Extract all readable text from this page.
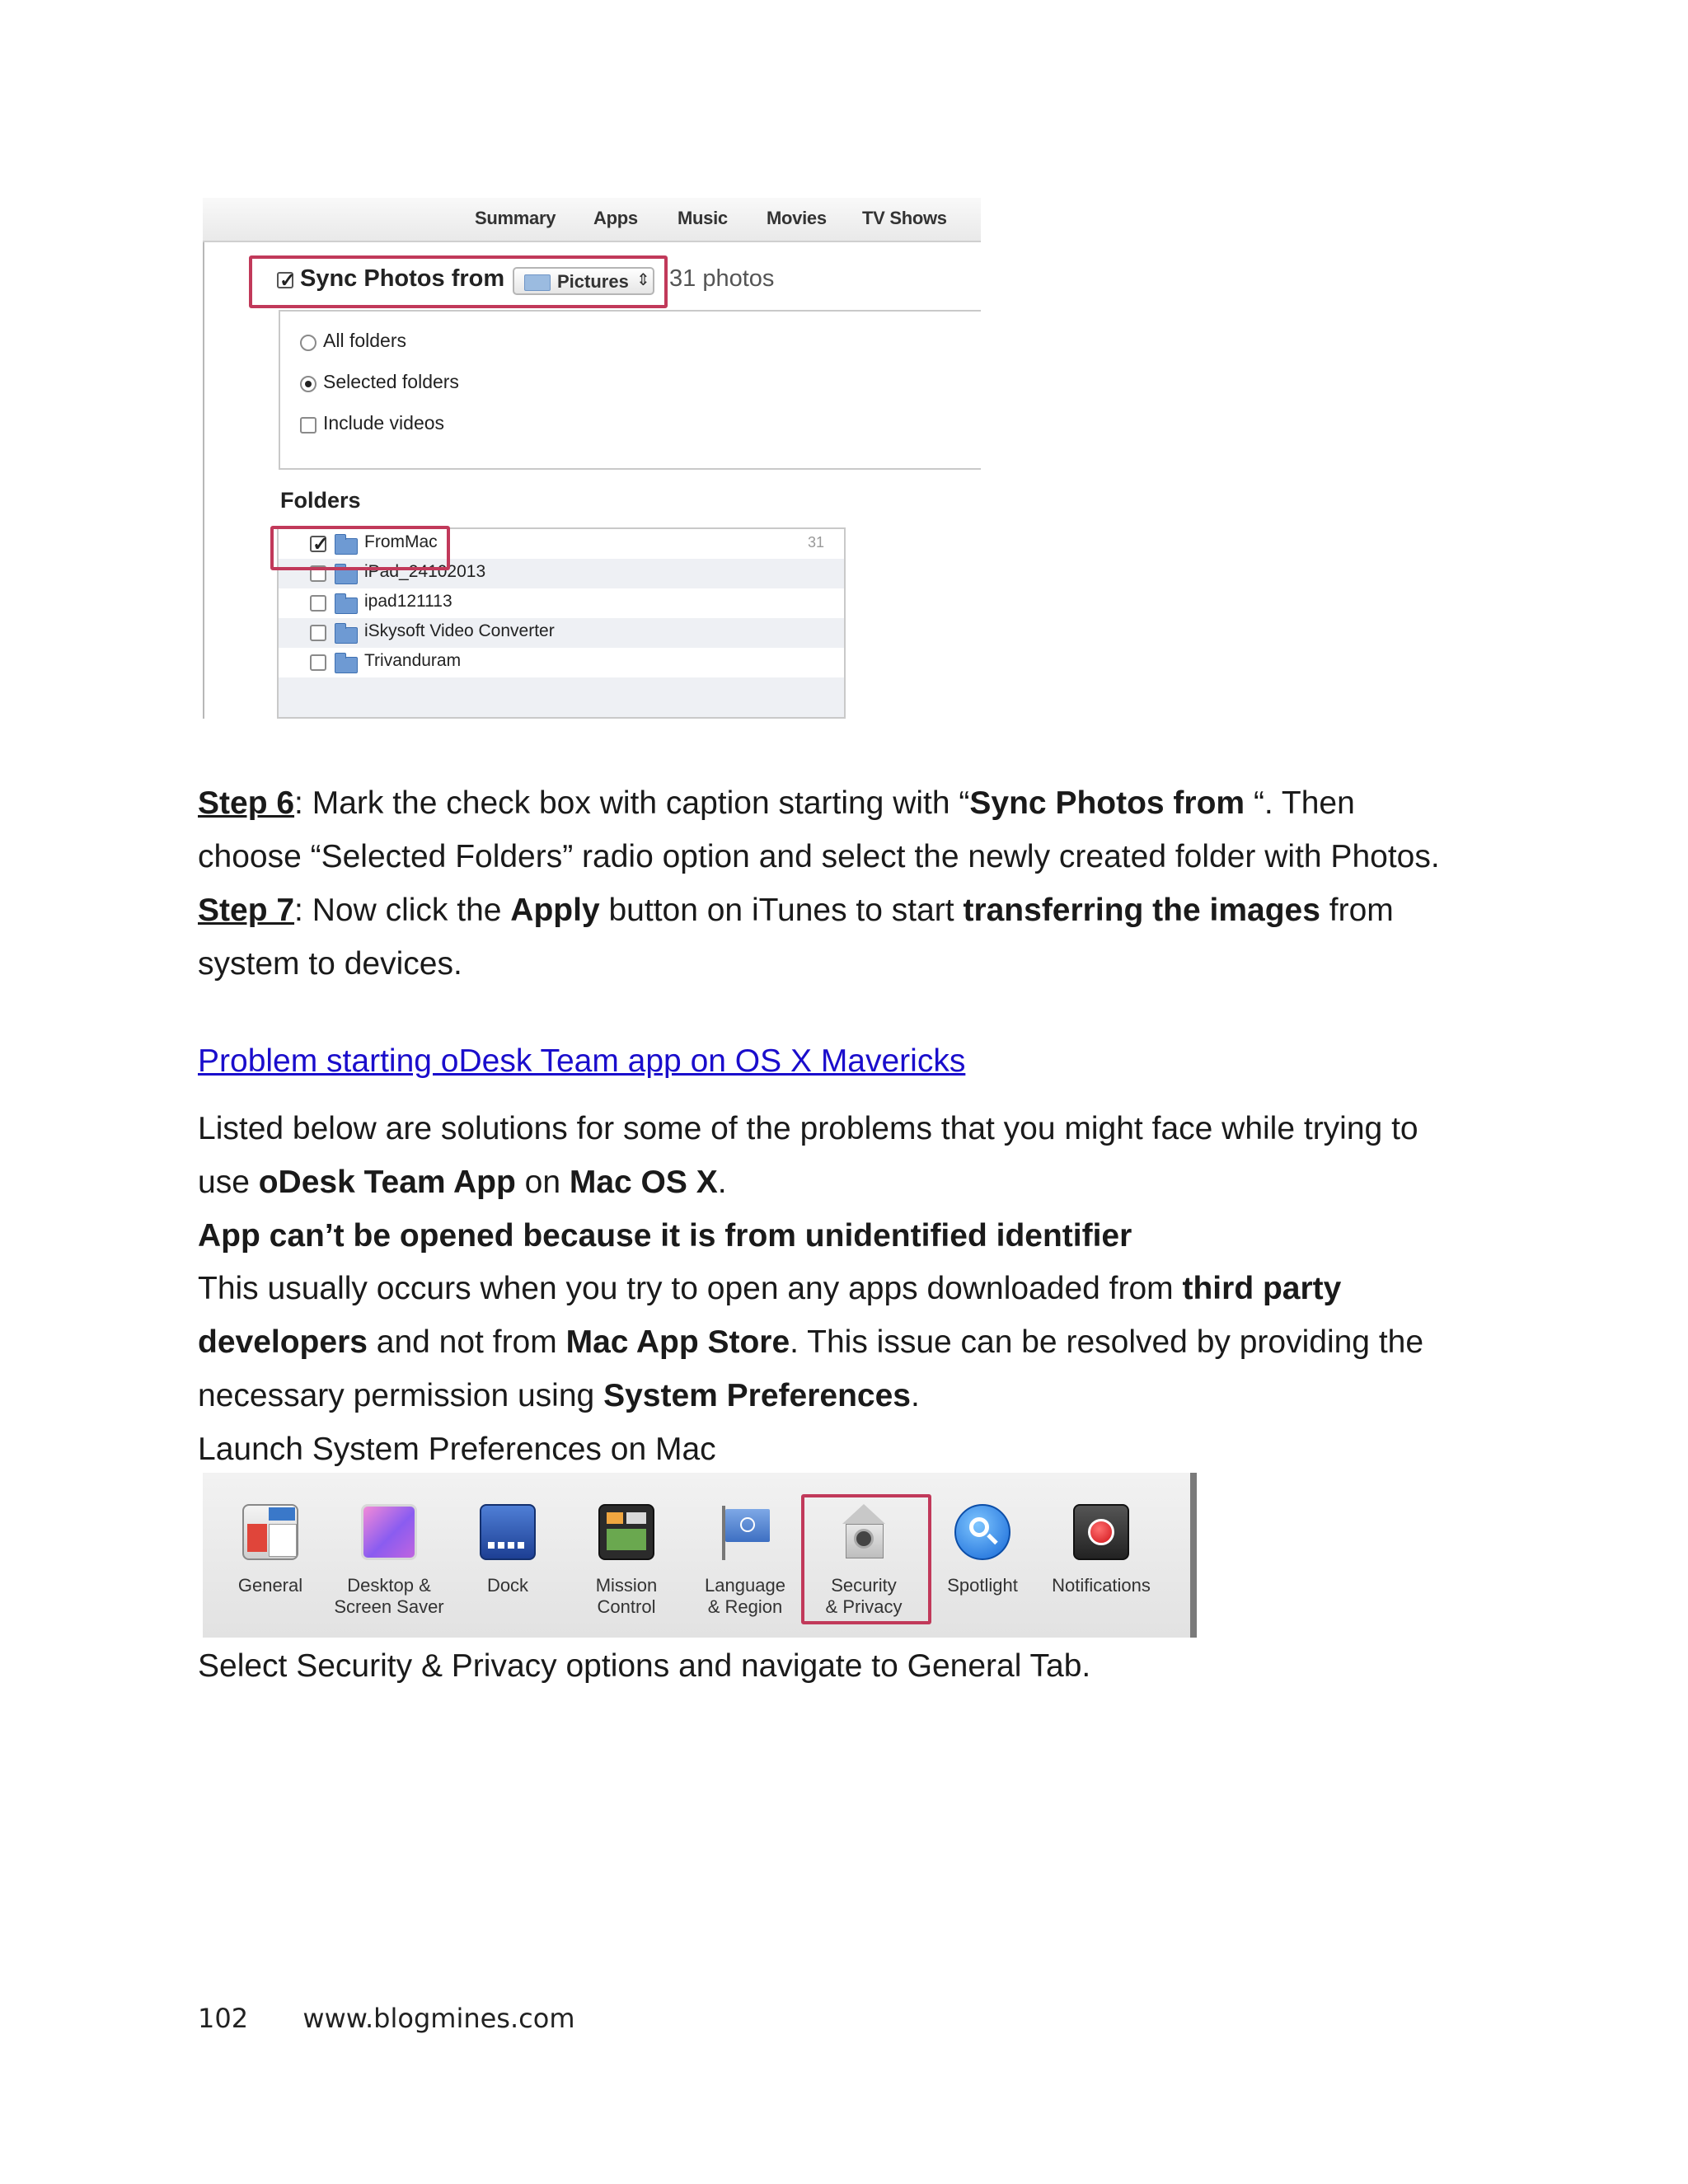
Summary Apps Music Movies TV Shows
✓
Sync Photos from	Pictures ⇕ 31 photos
All folders
Selected folders
Include videos
Folders
✓
FromMac	31
iPad_24102013
ipad121113
iSkysoft Video Converter
Trivanduram
Step 6: Mark the check box with caption starting with “Sync Photos from “. Then
choose “Selected Folders” radio option and select the newly created folder with Photos.
Step 7: Now click the Apply button on iTunes to start transferring the images from
system to devices.
Problem starting oDesk Team app on OS X Mavericks
Listed below are solutions for some of the problems that you might face while trying to
use oDesk Team App on Mac OS X.
App can’t be opened because it is from unidentified identifier
This usually occurs when you try to open any apps downloaded from third party
developers and not from Mac App Store. This issue can be resolved by providing the
necessary permission using System Preferences.
Launch System Preferences on Mac
General	Desktop &
Screen Saver
Dock	Mission
Control
Language
& Region
Security
& Privacy
Spotlight	Notifications
Select Security & Privacy options and navigate to General Tab.
102 www.blogmines.com
